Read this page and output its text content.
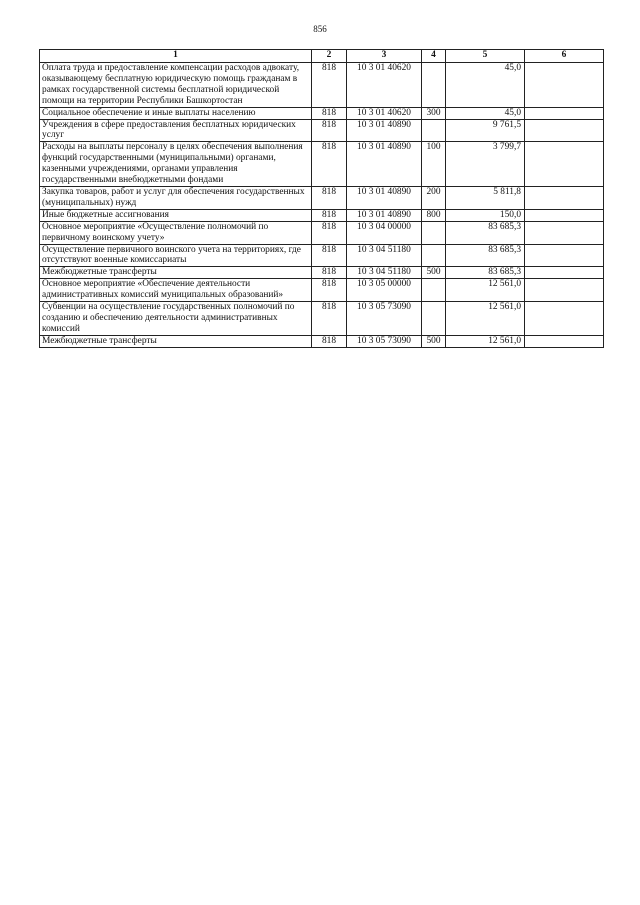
856
1	2	3	4	5	6
Оплата труда и предоставление компенсации расходов адвокату, оказывающему бесплатную юридическую помощь гражданам в рамках государственной системы бесплатной юридической помощи на территории Республики Башкортостан	818	10 3 01 40620		45,0	
Социальное обеспечение и иные выплаты населению	818	10 3 01 40620	300	45,0	
Учреждения в сфере предоставления бесплатных юридических услуг	818	10 3 01 40890		9 761,5	
Расходы на выплаты персоналу в целях обеспечения выполнения функций государственными (муниципальными) органами, казенными учреждениями, органами управления государственными внебюджетными фондами	818	10 3 01 40890	100	3 799,7	
Закупка товаров, работ и услуг для обеспечения государственных (муниципальных) нужд	818	10 3 01 40890	200	5 811,8	
Иные бюджетные ассигнования	818	10 3 01 40890	800	150,0	
Основное мероприятие «Осуществление полномочий по первичному воинскому учету»	818	10 3 04 00000		83 685,3	
Осуществление первичного воинского учета на территориях, где отсутствуют военные комиссариаты	818	10 3 04 51180		83 685,3	
Межбюджетные трансферты	818	10 3 04 51180	500	83 685,3	
Основное мероприятие «Обеспечение деятельности административных комиссий муниципальных образований»	818	10 3 05 00000		12 561,0	
Субвенции на осуществление государственных полномочий по созданию и обеспечению деятельности административных комиссий	818	10 3 05 73090		12 561,0	
Межбюджетные трансферты	818	10 3 05 73090	500	12 561,0	
